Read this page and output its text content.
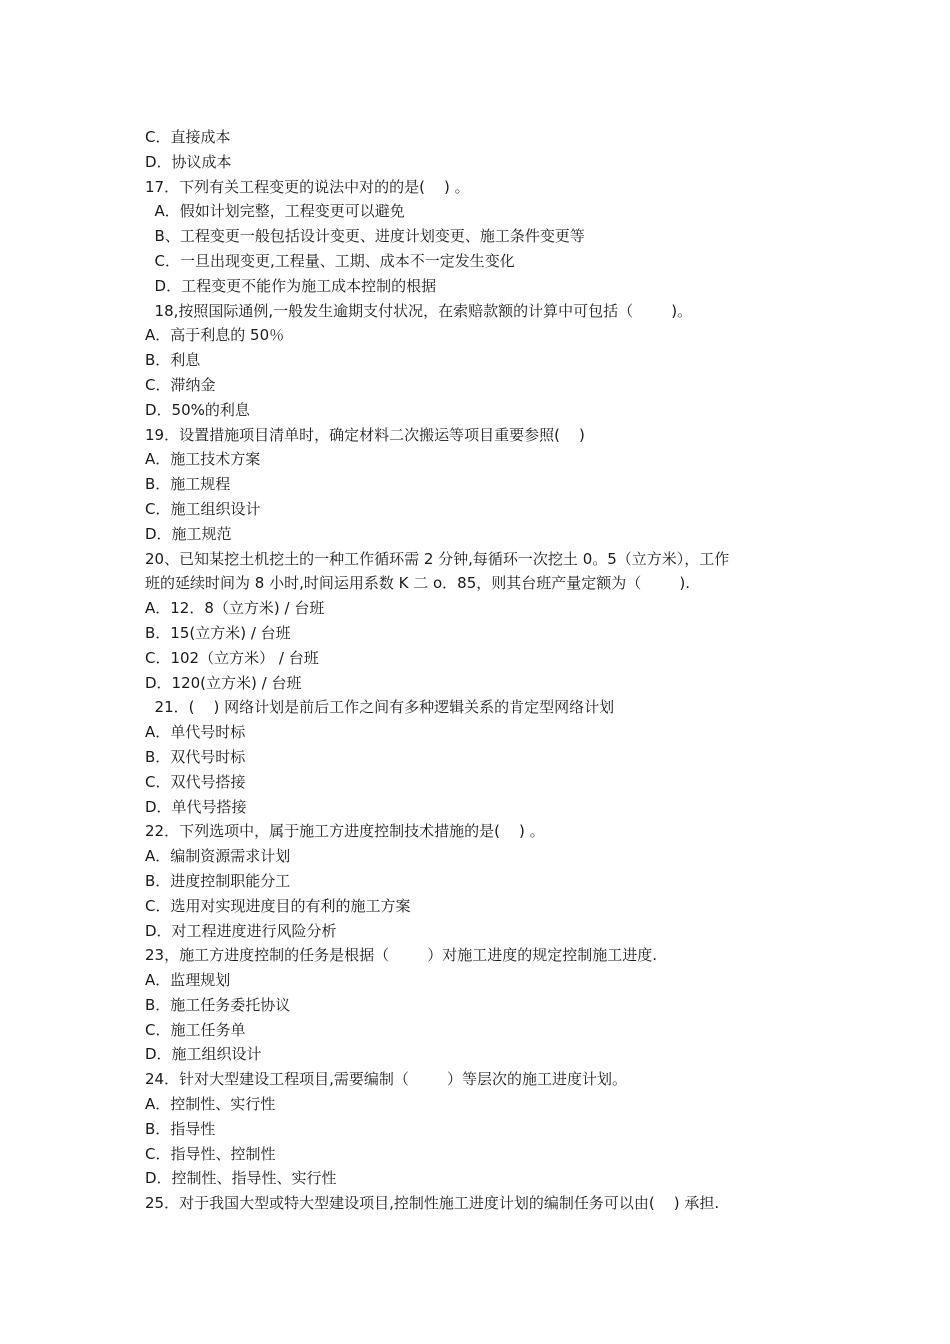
C．直接成本
D．协议成本
17．下列有关工程变更的说法中对的的是(    ) 。
A．假如计划完整，工程变更可以避免
B、工程变更一般包括设计变更、进度计划变更、施工条件变更等
C．一旦出现变更,工程量、工期、成本不一定发生变化
D．工程变更不能作为施工成本控制的根据
18,按照国际通例,一般发生逾期支付状况，在索赔款额的计算中可包括（        )。
A．高于利息的 50％
B．利息
C．滞纳金
D．50%的利息
19．设置措施项目清单时，确定材料二次搬运等项目重要参照(    )
A．施工技术方案
B．施工规程
C．施工组织设计
D．施工规范
20、已知某挖土机挖土的一种工作循环需 2 分钟,每循环一次挖土 0。5（立方米），工作
班的延续时间为 8 小时,时间运用系数 K 二 o．85，则其台班产量定额为（        ).
A．12．8（立方米) / 台班
B．15(立方米) / 台班
C．102（立方米） / 台班
D．120(立方米) / 台班
21．(    ) 网络计划是前后工作之间有多种逻辑关系的肯定型网络计划
A．单代号时标
B．双代号时标
C．双代号搭接
D．单代号搭接
22．下列选项中，属于施工方进度控制技术措施的是(    ) 。
A．编制资源需求计划
B．进度控制职能分工
C．选用对实现进度目的有利的施工方案
D．对工程进度进行风险分析
23，施工方进度控制的任务是根据（        ）对施工进度的规定控制施工进度.
A．监理规划
B．施工任务委托协议
C．施工任务单
D．施工组织设计
24．针对大型建设工程项目,需要编制（        ）等层次的施工进度计划。
A．控制性、实行性
B．指导性
C．指导性、控制性
D．控制性、指导性、实行性
25．对于我国大型或特大型建设项目,控制性施工进度计划的编制任务可以由(    ) 承担.
